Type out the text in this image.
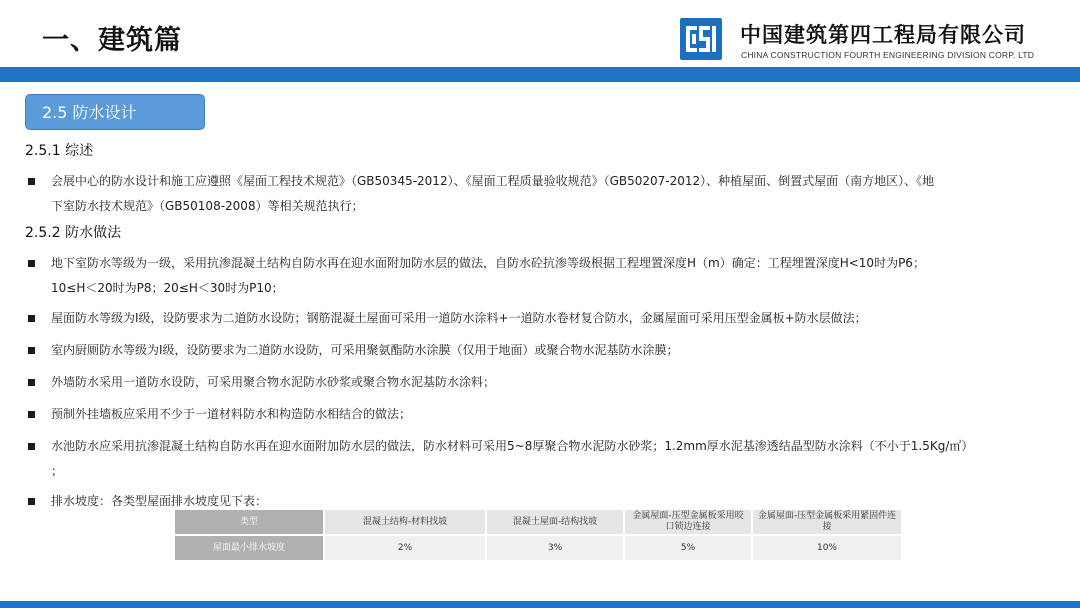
一、建筑篇	中国建筑第四工程局有限公司
CHINA CONSTRUCTION FOURTH ENGINEERING DIVISION CORP. LTD
2.5 防水设计
2.5.1 综述
会展中心的防水设计和施工应遵照《屋面工程技术规范》（GB50345-2012）、《屋面工程质量验收规范》（GB50207-2012）、种植屋面、倒置式屋面（南方地区）、《地
下室防水技术规范》（GB50108-2008）等相关规范执行；
2.5.2 防水做法
地下室防水等级为一级，采用抗渗混凝土结构自防水再在迎水面附加防水层的做法，自防水砼抗渗等级根据工程埋置深度H（m）确定：工程埋置深度H<10时为P6；
10≤H＜20时为P8；20≤H＜30时为P10；
屋面防水等级为I级，设防要求为二道防水设防；钢筋混凝土屋面可采用一道防水涂料+一道防水卷材复合防水，金属屋面可采用压型金属板+防水层做法；
室内厨厕防水等级为I级，设防要求为二道防水设防，可采用聚氨酯防水涂膜（仅用于地面）或聚合物水泥基防水涂膜；
外墙防水采用一道防水设防，可采用聚合物水泥防水砂浆或聚合物水泥基防水涂料；
预制外挂墙板应采用不少于一道材料防水和构造防水相结合的做法；
水池防水应采用抗渗混凝土结构自防水再在迎水面附加防水层的做法，防水材料可采用5~8厚聚合物水泥防水砂浆；1.2mm厚水泥基渗透结晶型防水涂料（不小于1.5Kg/㎡）
；
排水坡度：各类型屋面排水坡度见下表：
类型	混凝土结构-材料找坡	混凝土屋面-结构找坡	金属屋面-压型金属板采用咬口锁边连接	金属屋面-压型金属板采用紧固件连接
屋面最小排水坡度	2%	3%	5%	10%
